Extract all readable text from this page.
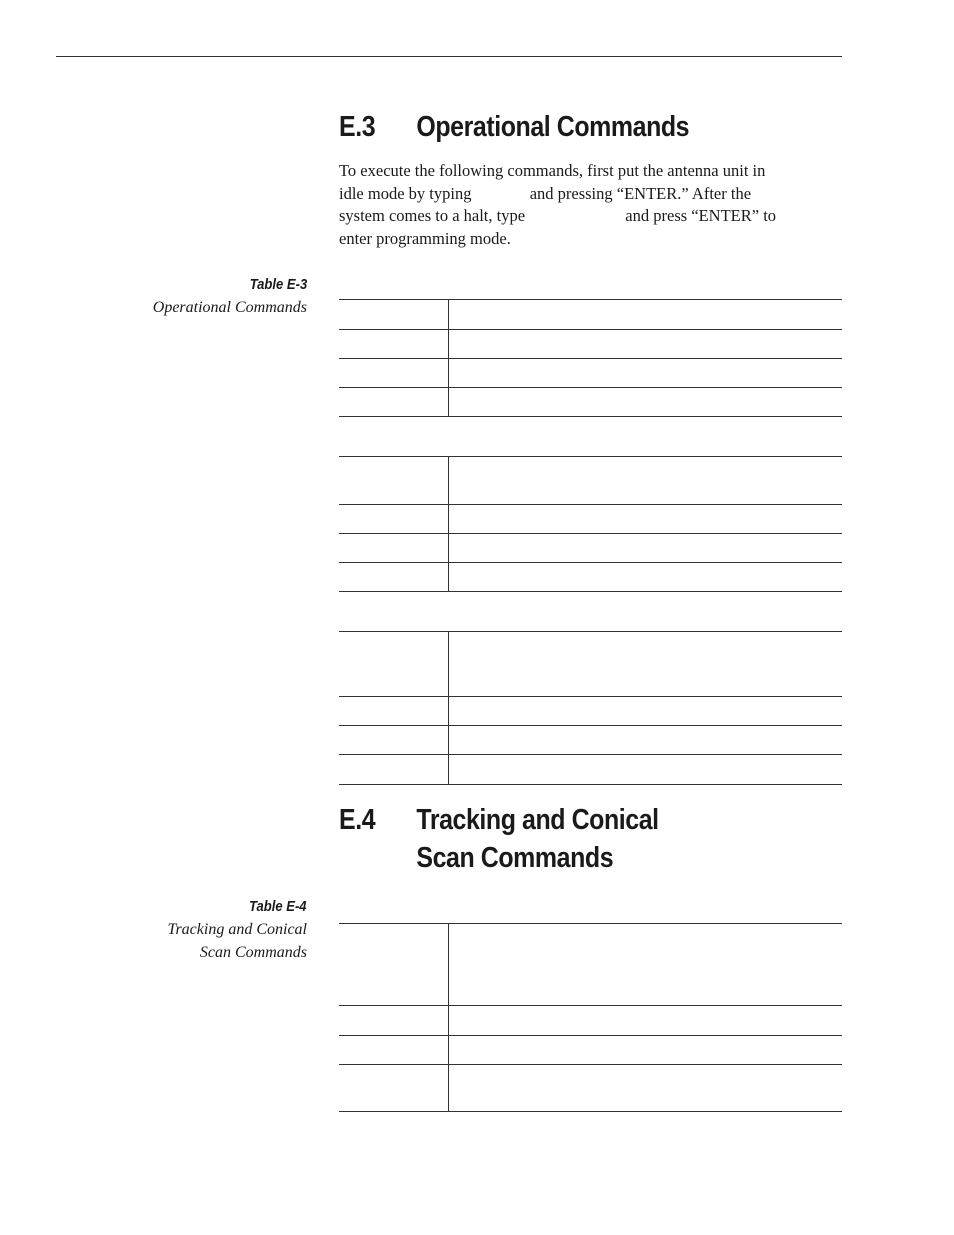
E.3 Operational Commands
To execute the following commands, first put the antenna unit in
idle mode by typing	and pressing “ENTER.” After the
system comes to a halt, type	and press “ENTER” to
enter programming mode.
Table E-3
Operational Commands
E.4 Tracking and Conical
Scan Commands
Table E-4
Tracking and Conical
Scan Commands
